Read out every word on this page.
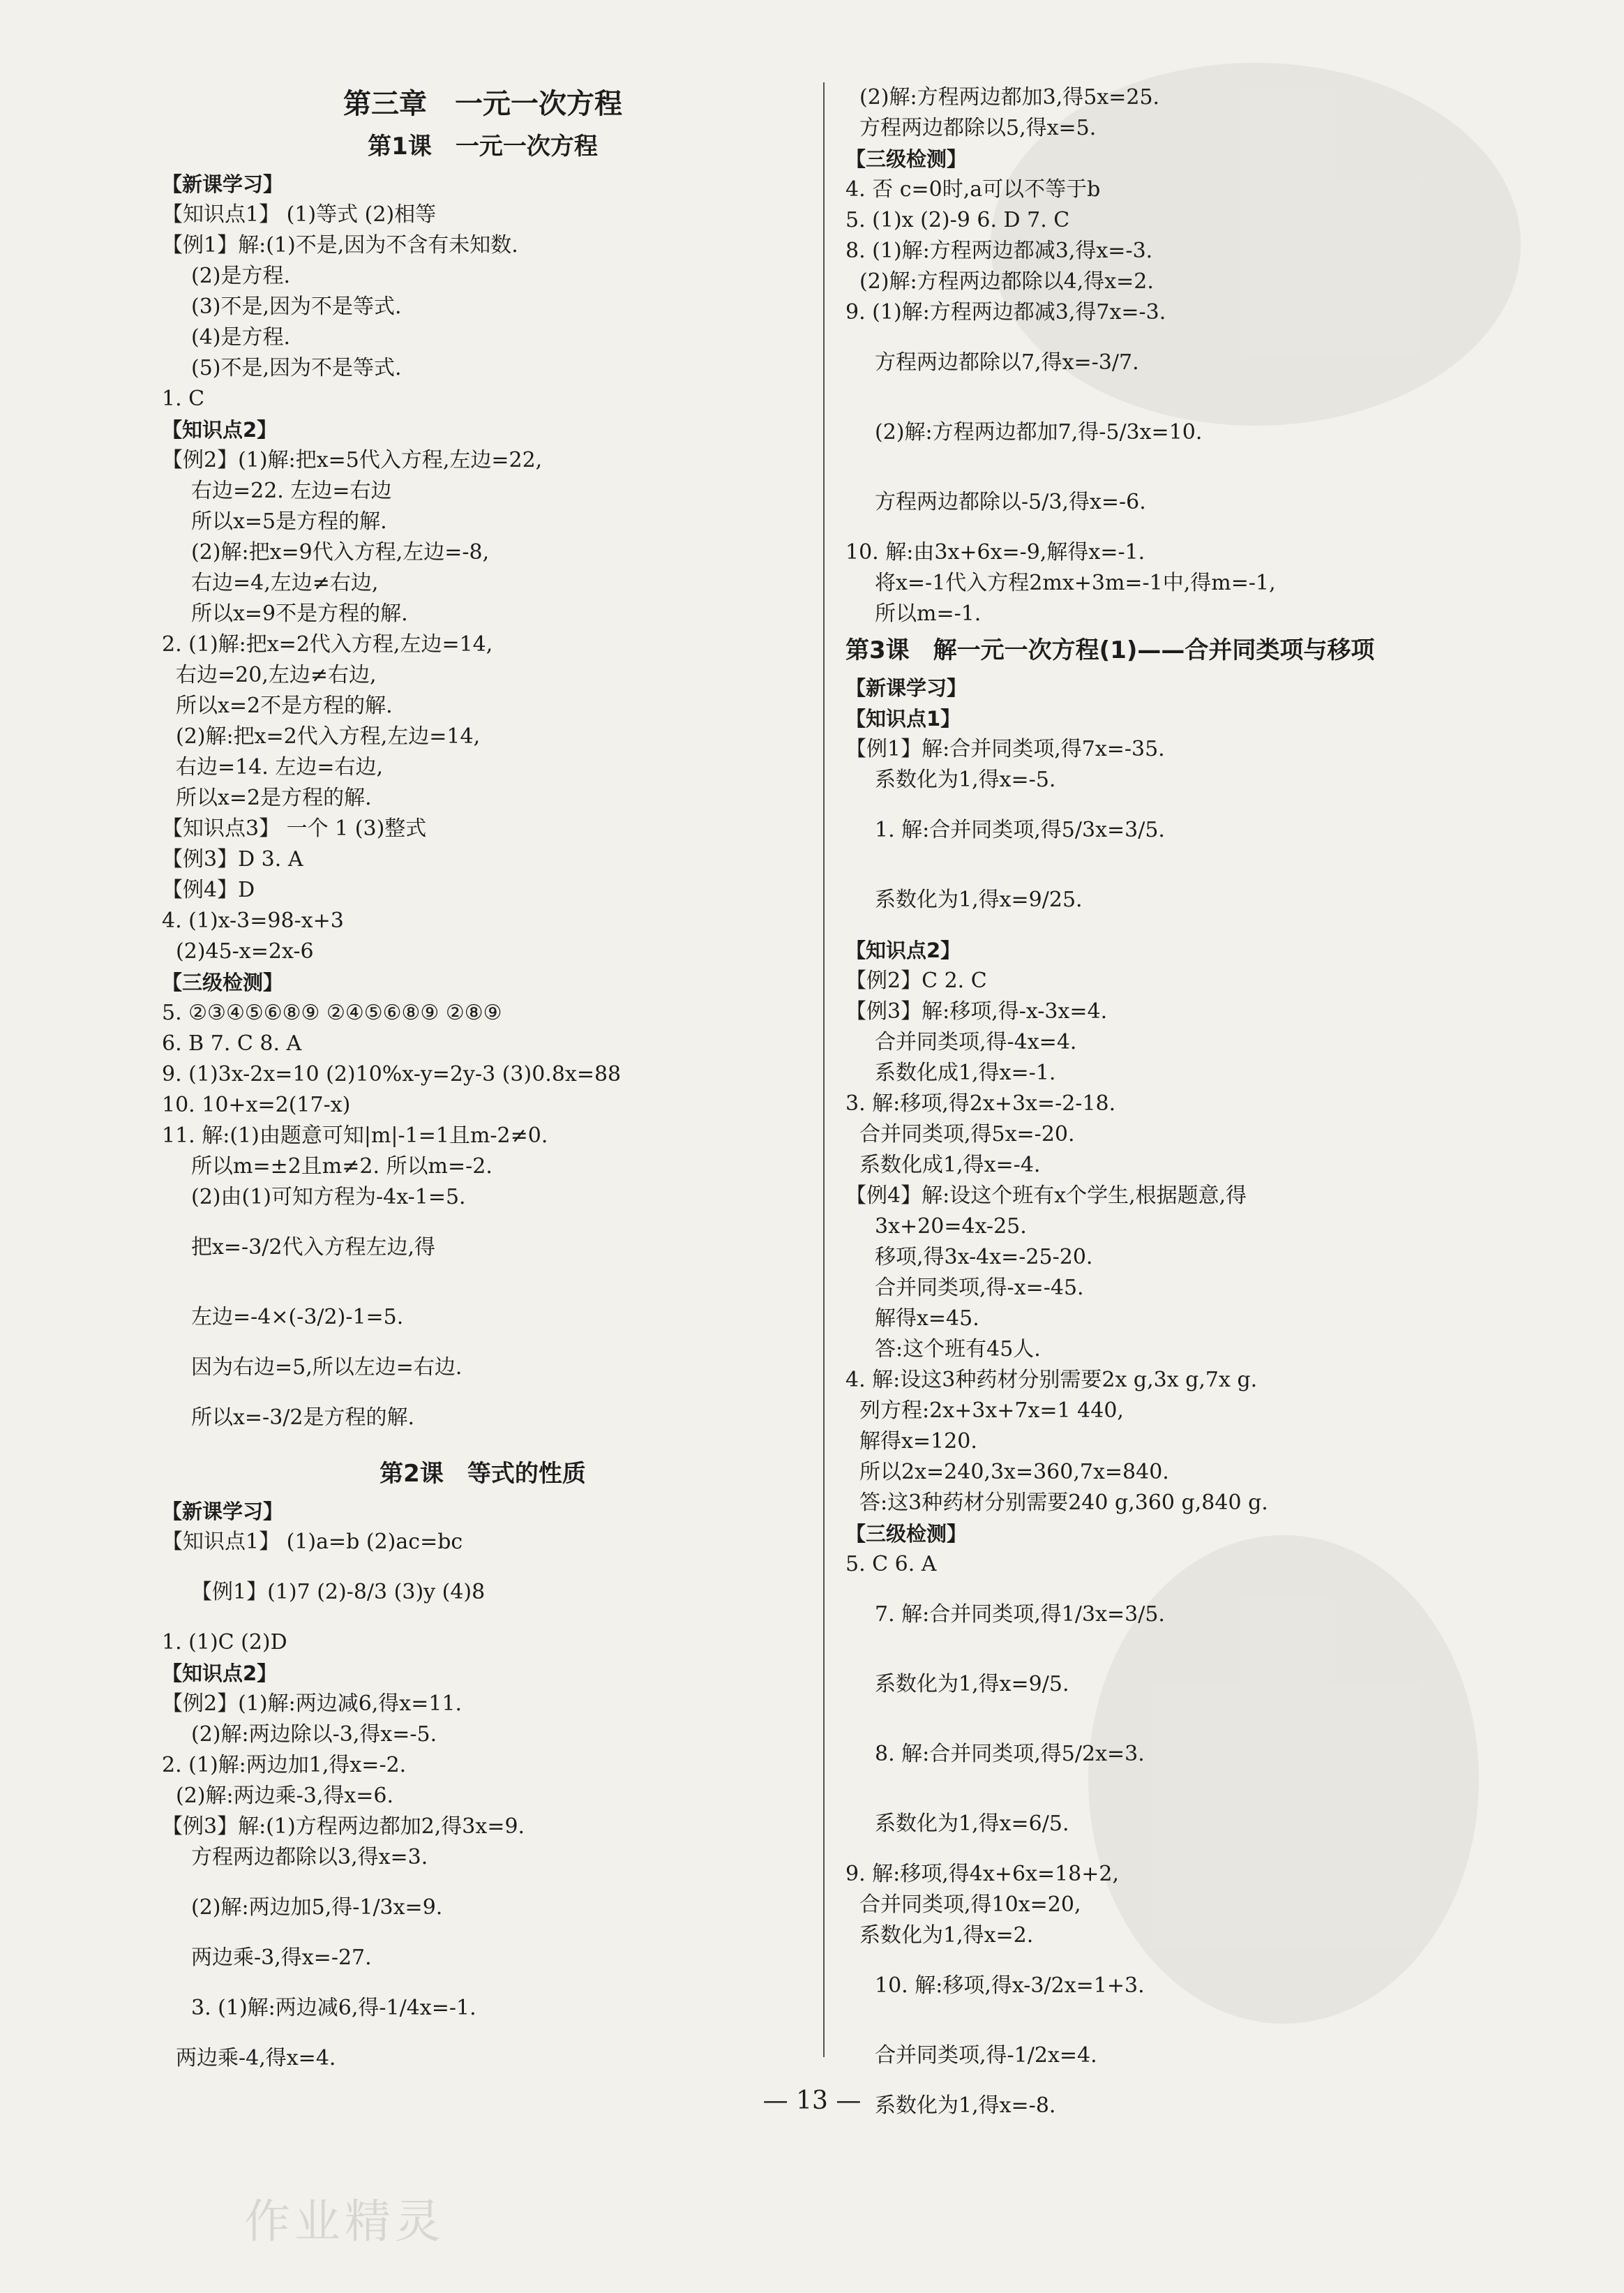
第三章　一元一次方程
第1课　一元一次方程
【新课学习】
【知识点1】 (1)等式 (2)相等
【例1】解:(1)不是,因为不含有未知数.
(2)是方程.
(3)不是,因为不是等式.
(4)是方程.
(5)不是,因为不是等式.
1. C
【知识点2】
【例2】(1)解:把x=5代入方程,左边=22,
右边=22. 左边=右边
所以x=5是方程的解.
(2)解:把x=9代入方程,左边=-8,
右边=4,左边≠右边,
所以x=9不是方程的解.
2. (1)解:把x=2代入方程,左边=14,
右边=20,左边≠右边,
所以x=2不是方程的解.
(2)解:把x=2代入方程,左边=14,
右边=14. 左边=右边,
所以x=2是方程的解.
【知识点3】 一个 1 (3)整式
【例3】D 3. A
【例4】D
4. (1)x-3=98-x+3
(2)45-x=2x-6
【三级检测】
5. ②③④⑤⑥⑧⑨ ②④⑤⑥⑧⑨ ②⑧⑨
6. B 7. C 8. A
9. (1)3x-2x=10 (2)10%x-y=2y-3 (3)0.8x=88
10. 10+x=2(17-x)
11. 解:(1)由题意可知|m|-1=1且m-2≠0.
所以m=±2且m≠2. 所以m=-2.
(2)由(1)可知方程为-4x-1=5.
把x=-3/2代入方程左边,得
左边=-4×(-3/2)-1=5.
因为右边=5,所以左边=右边.
所以x=-3/2是方程的解.
第2课　等式的性质
【新课学习】
【知识点1】 (1)a=b (2)ac=bc
【例1】(1)7 (2)-8/3 (3)y (4)8
1. (1)C (2)D
【知识点2】
【例2】(1)解:两边减6,得x=11.
(2)解:两边除以-3,得x=-5.
2. (1)解:两边加1,得x=-2.
(2)解:两边乘-3,得x=6.
【例3】解:(1)方程两边都加2,得3x=9.
方程两边都除以3,得x=3.
(2)解:两边加5,得-1/3x=9.
两边乘-3,得x=-27.
3. (1)解:两边减6,得-1/4x=-1.
两边乘-4,得x=4.
(2)解:方程两边都加3,得5x=25.
方程两边都除以5,得x=5.
【三级检测】
4. 否 c=0时,a可以不等于b
5. (1)x (2)-9 6. D 7. C
8. (1)解:方程两边都减3,得x=-3.
(2)解:方程两边都除以4,得x=2.
9. (1)解:方程两边都减3,得7x=-3.
方程两边都除以7,得x=-3/7.
(2)解:方程两边都加7,得-5/3x=10.
方程两边都除以-5/3,得x=-6.
10. 解:由3x+6x=-9,解得x=-1.
将x=-1代入方程2mx+3m=-1中,得m=-1,
所以m=-1.
第3课　解一元一次方程(1)——合并同类项与移项
【新课学习】
【知识点1】
【例1】解:合并同类项,得7x=-35.
系数化为1,得x=-5.
1. 解:合并同类项,得5/3x=3/5.
系数化为1,得x=9/25.
【知识点2】
【例2】C 2. C
【例3】解:移项,得-x-3x=4.
合并同类项,得-4x=4.
系数化成1,得x=-1.
3. 解:移项,得2x+3x=-2-18.
合并同类项,得5x=-20.
系数化成1,得x=-4.
【例4】解:设这个班有x个学生,根据题意,得
3x+20=4x-25.
移项,得3x-4x=-25-20.
合并同类项,得-x=-45.
解得x=45.
答:这个班有45人.
4. 解:设这3种药材分别需要2x g,3x g,7x g.
列方程:2x+3x+7x=1 440,
解得x=120.
所以2x=240,3x=360,7x=840.
答:这3种药材分别需要240 g,360 g,840 g.
【三级检测】
5. C 6. A
7. 解:合并同类项,得1/3x=3/5.
系数化为1,得x=9/5.
8. 解:合并同类项,得5/2x=3.
系数化为1,得x=6/5.
9. 解:移项,得4x+6x=18+2,
合并同类项,得10x=20,
系数化为1,得x=2.
10. 解:移项,得x-3/2x=1+3.
合并同类项,得-1/2x=4.
系数化为1,得x=-8.
— 13 —
作业精灵
